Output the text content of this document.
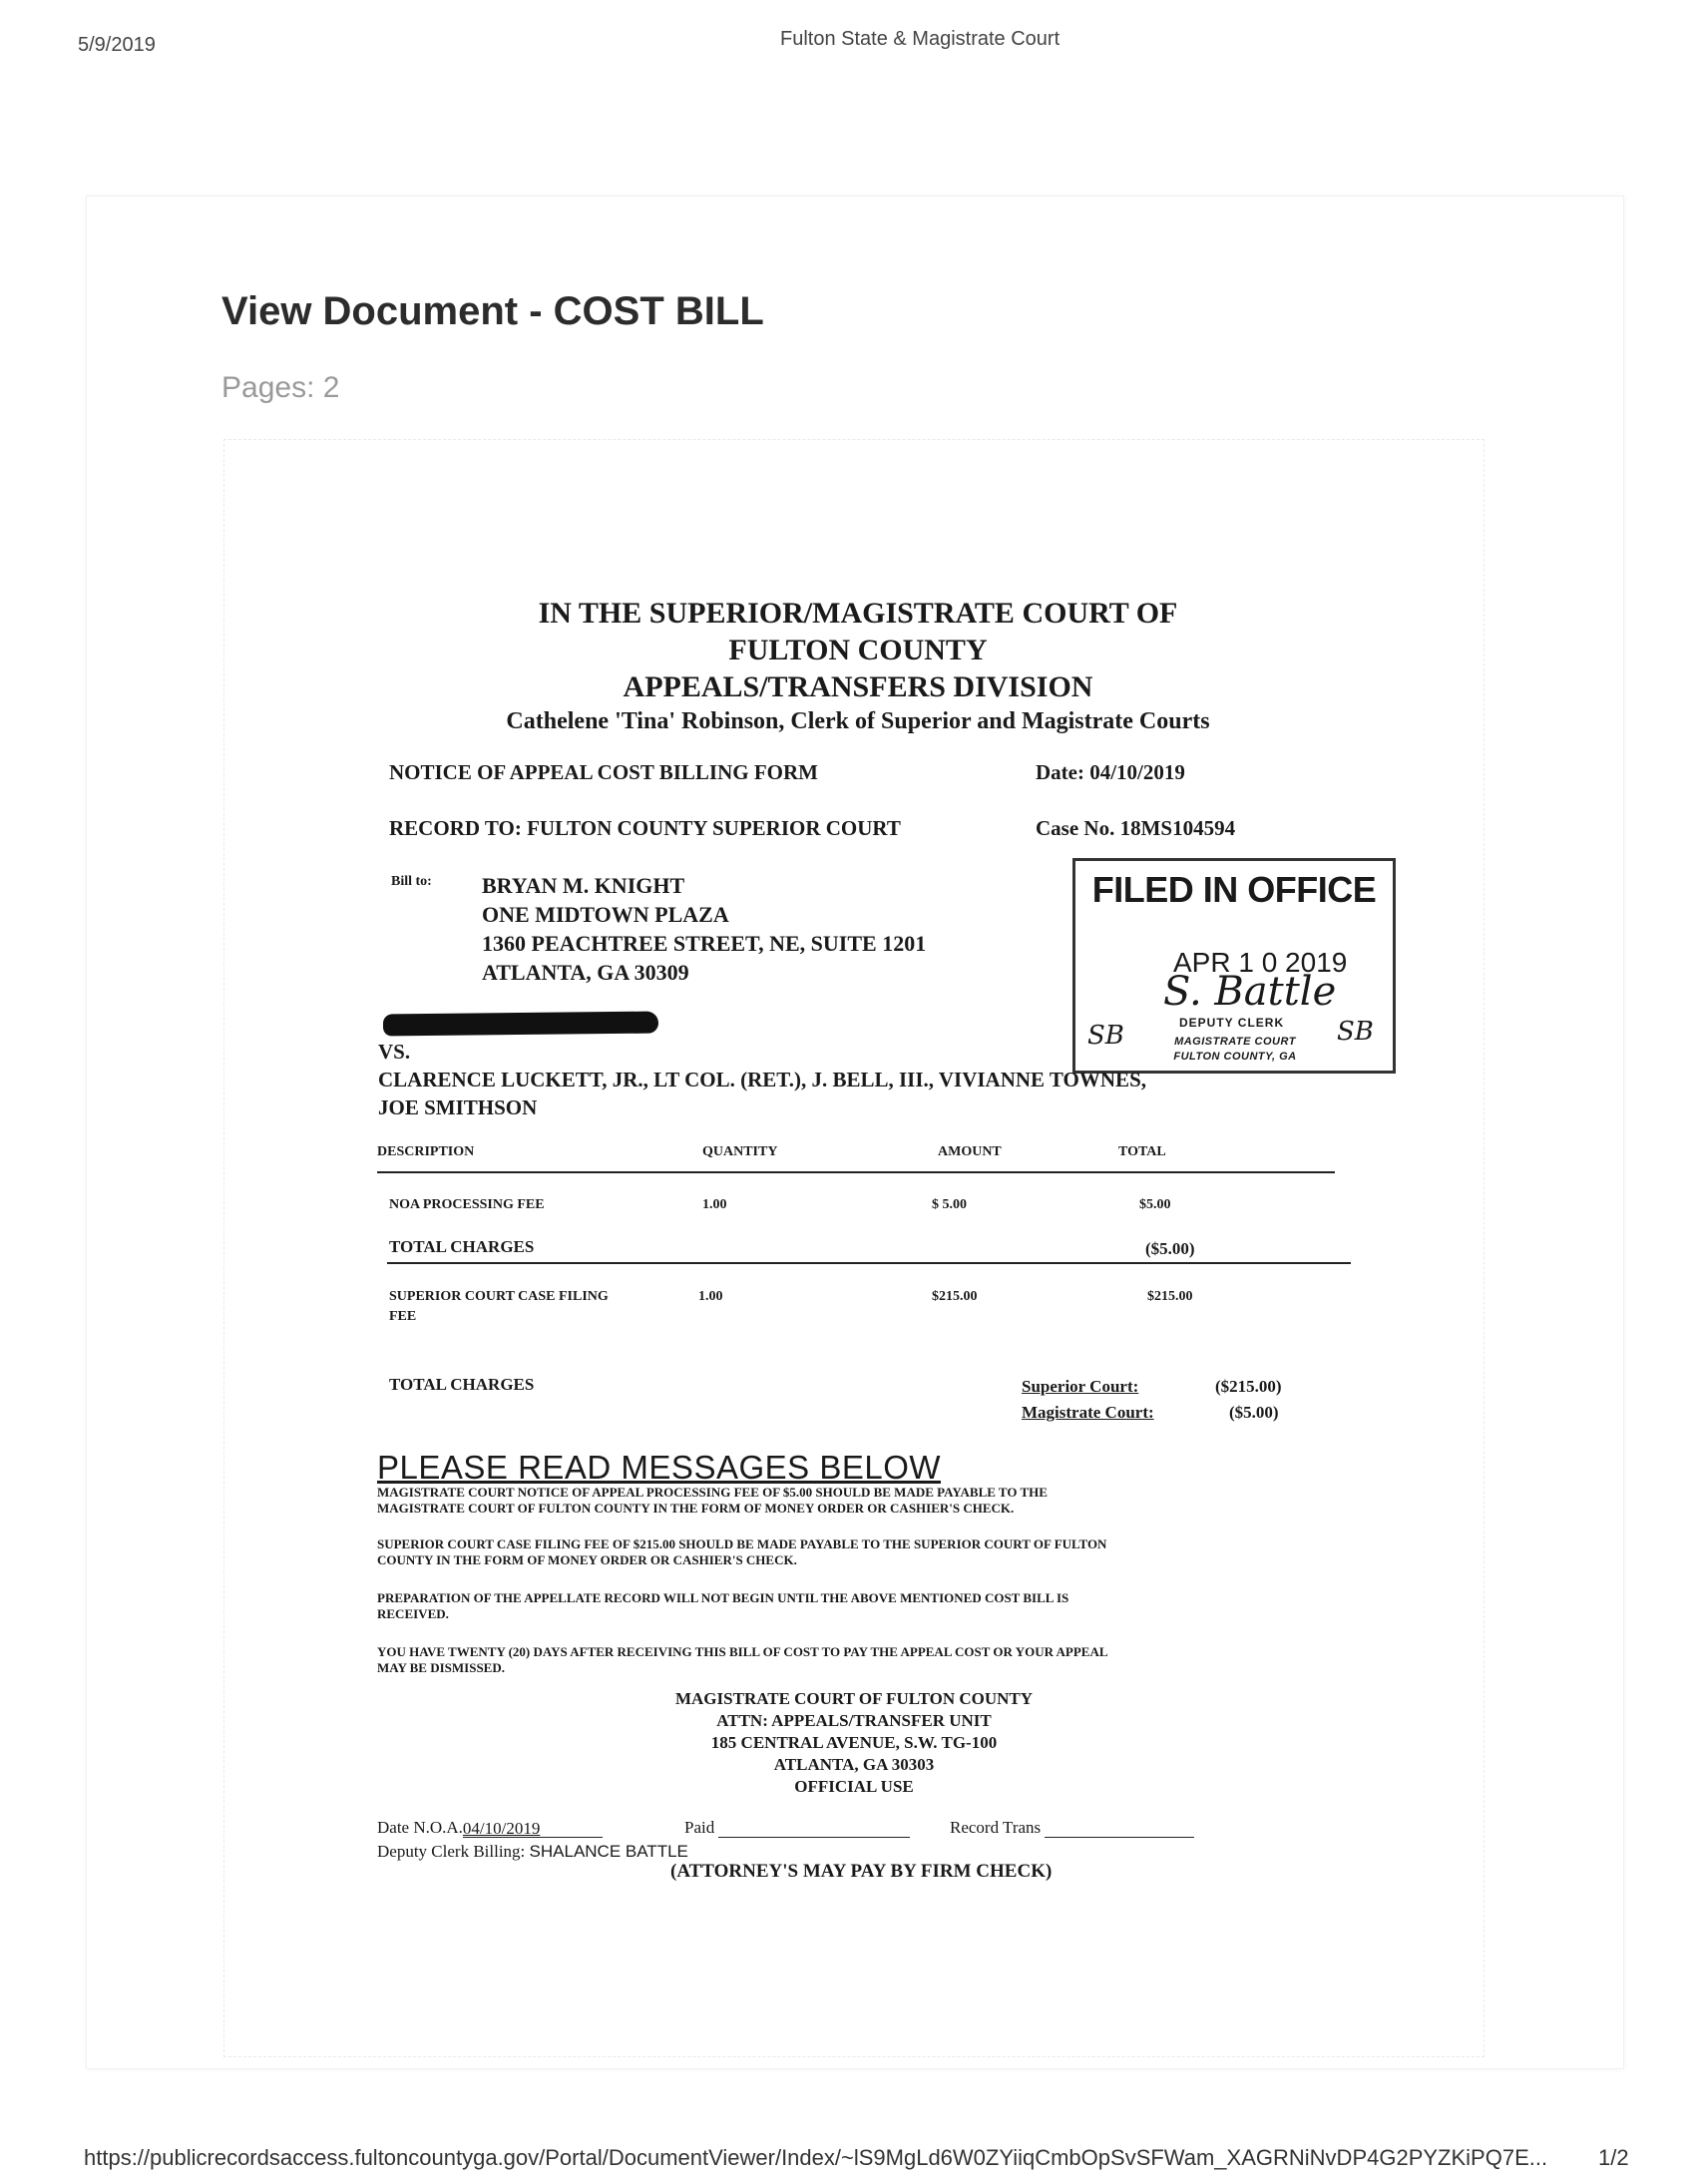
5/9/2019	Fulton State & Magistrate Court
View Document - COST BILL
Pages: 2
IN THE SUPERIOR/MAGISTRATE COURT OF
FULTON COUNTY
APPEALS/TRANSFERS DIVISION
Cathelene 'Tina' Robinson, Clerk of Superior and Magistrate Courts
NOTICE OF APPEAL COST BILLING FORM	Date: 04/10/2019
RECORD TO: FULTON COUNTY SUPERIOR COURT	Case No. 18MS104594
Bill to: BRYAN M. KNIGHT
ONE MIDTOWN PLAZA
1360 PEACHTREE STREET, NE, SUITE 1201
ATLANTA, GA 30309
FILED IN OFFICE
APR 1 0 2019
S. Battle
DEPUTY CLERK
MAGISTRATE COURT
FULTON COUNTY, GA
SB	SB
VS.
CLARENCE LUCKETT, JR., LT COL. (RET.), J. BELL, III., VIVIANNE TOWNES,
JOE SMITHSON
DESCRIPTION	QUANTITY	AMOUNT	TOTAL
NOA PROCESSING FEE	1.00	$ 5.00	$5.00
TOTAL CHARGES	($5.00)
SUPERIOR COURT CASE FILING
FEE
1.00	$215.00	$215.00
TOTAL CHARGES	Superior Court:	($215.00)
Magistrate Court:	($5.00)
PLEASE READ MESSAGES BELOW
MAGISTRATE COURT NOTICE OF APPEAL PROCESSING FEE OF $5.00 SHOULD BE MADE PAYABLE TO THE
MAGISTRATE COURT OF FULTON COUNTY IN THE FORM OF MONEY ORDER OR CASHIER'S CHECK.
SUPERIOR COURT CASE FILING FEE OF $215.00 SHOULD BE MADE PAYABLE TO THE SUPERIOR COURT OF FULTON
COUNTY IN THE FORM OF MONEY ORDER OR CASHIER'S CHECK.
PREPARATION OF THE APPELLATE RECORD WILL NOT BEGIN UNTIL THE ABOVE MENTIONED COST BILL IS
RECEIVED.
YOU HAVE TWENTY (20) DAYS AFTER RECEIVING THIS BILL OF COST TO PAY THE APPEAL COST OR YOUR APPEAL
MAY BE DISMISSED.
MAGISTRATE COURT OF FULTON COUNTY
ATTN: APPEALS/TRANSFER UNIT
185 CENTRAL AVENUE, S.W. TG-100
ATLANTA, GA 30303
OFFICIAL USE
Date N.O.A.04/10/2019	Paid	Record Trans
Deputy Clerk Billing: SHALANCE BATTLE
(ATTORNEY'S MAY PAY BY FIRM CHECK)
https://publicrecordsaccess.fultoncountyga.gov/Portal/DocumentViewer/Index/~lS9MgLd6W0ZYiiqCmbOpSvSFWam_XAGRNiNvDP4G2PYZKiPQ7E... 1/2
